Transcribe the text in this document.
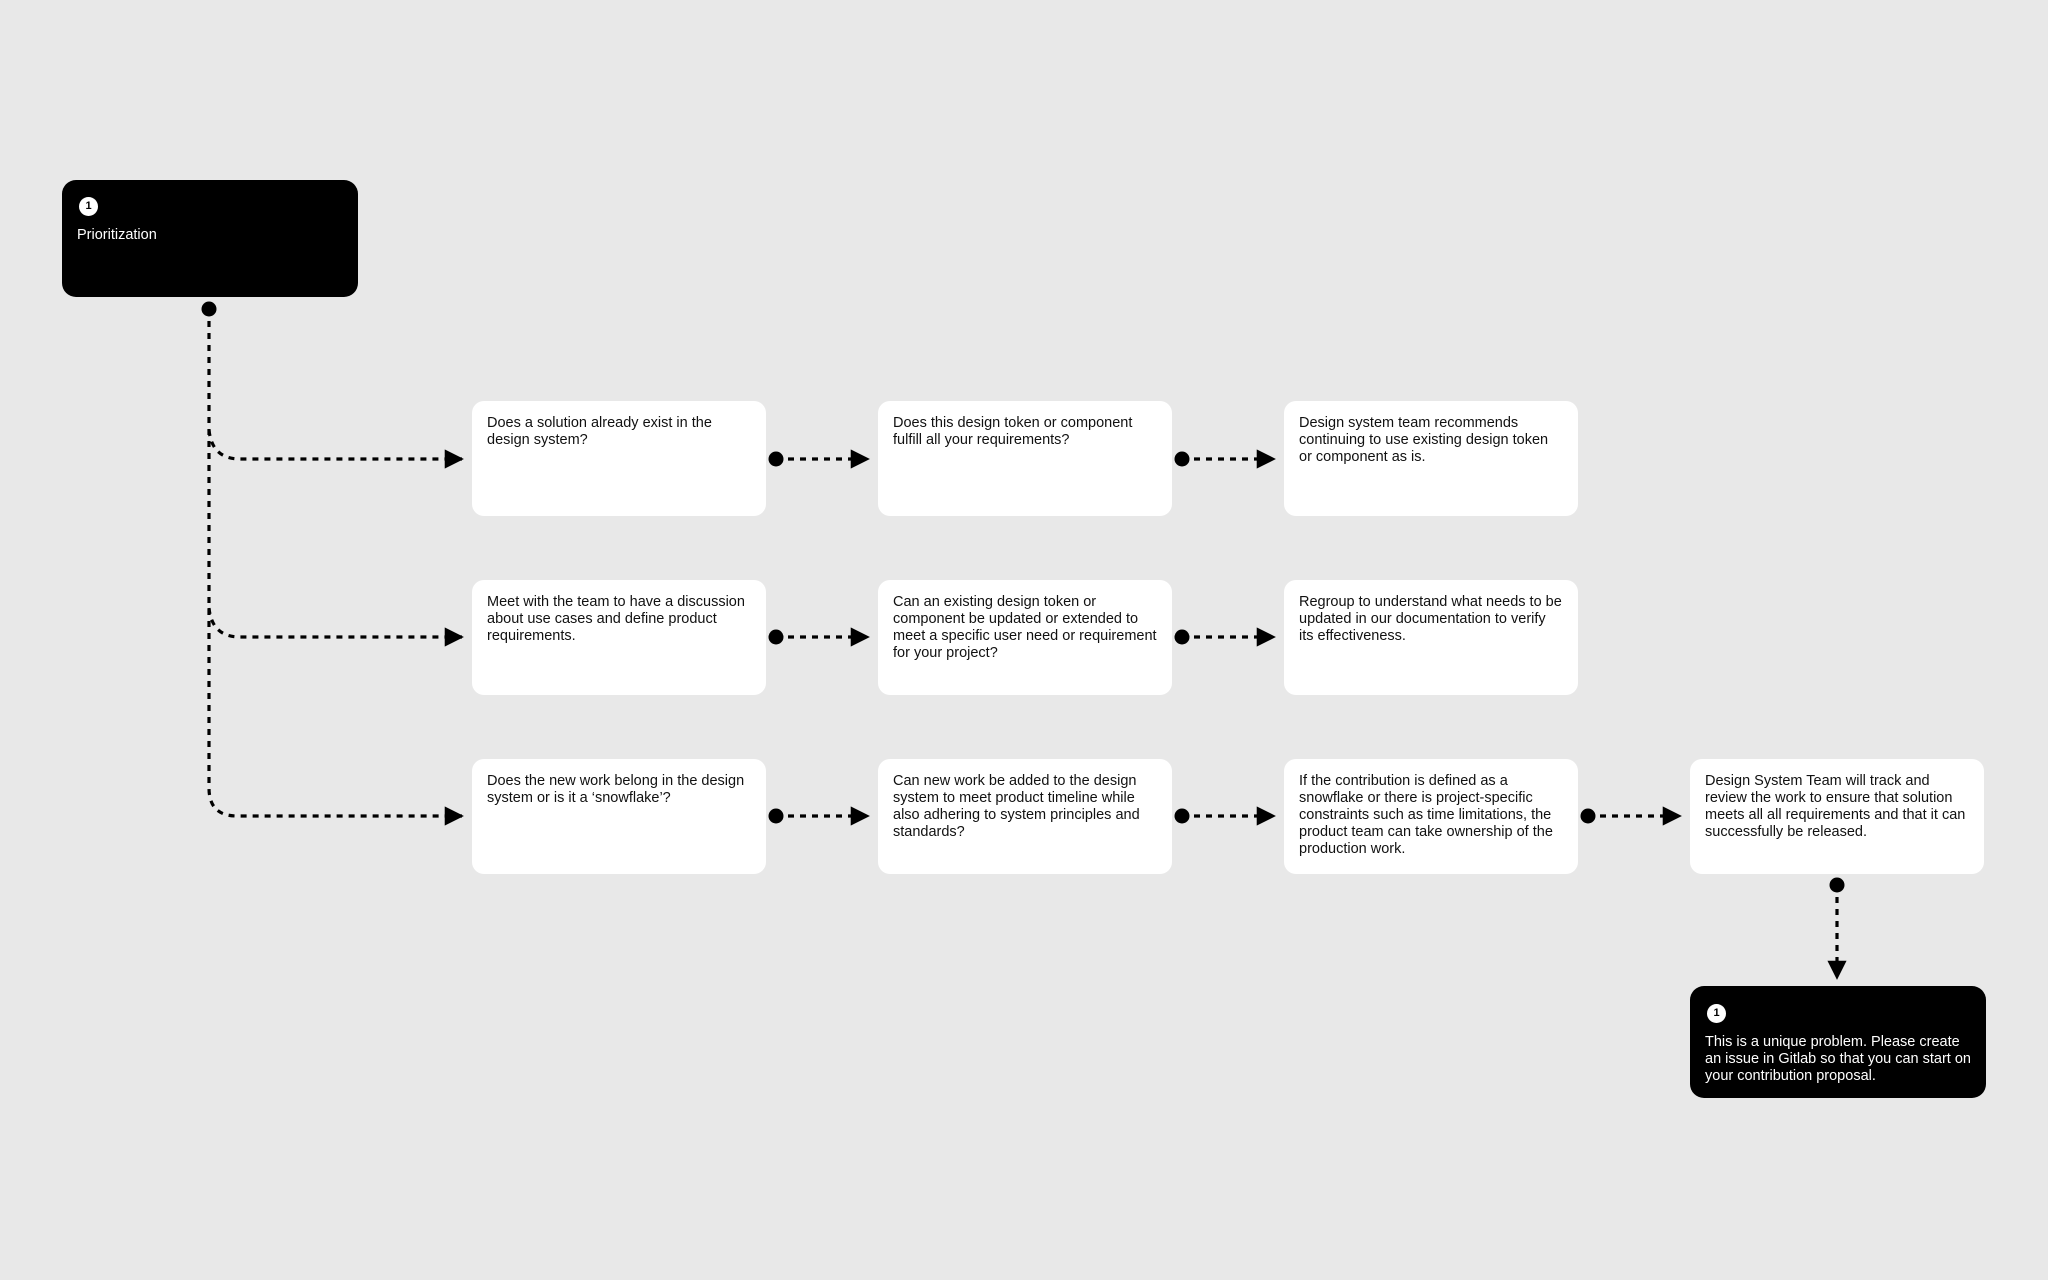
1
Prioritization
Does a solution already exist in the design system?
Does this design token or component fulfill all your requirements?
Design system team recommends continuing to use existing design token or component as is.
Meet with the team to have a discussion about use cases and define product requirements.
Can an existing design token or component be updated or extended to meet a specific user need or requirement for your project?
Regroup to understand what needs to be updated in our documentation to verify its effectiveness.
Does the new work belong in the design system or is it a ‘snowflake’?
Can new work be added to the design system to meet product timeline while also adhering to system principles and standards?
If the contribution is defined as a snowflake or there is project-specific constraints such as time limitations, the product team can take ownership of the production work.
Design System Team will track and review the work to ensure that solution meets all all requirements and that it can successfully be released.
1
This is a unique problem. Please create an issue in Gitlab so that you can start on your contribution proposal.
